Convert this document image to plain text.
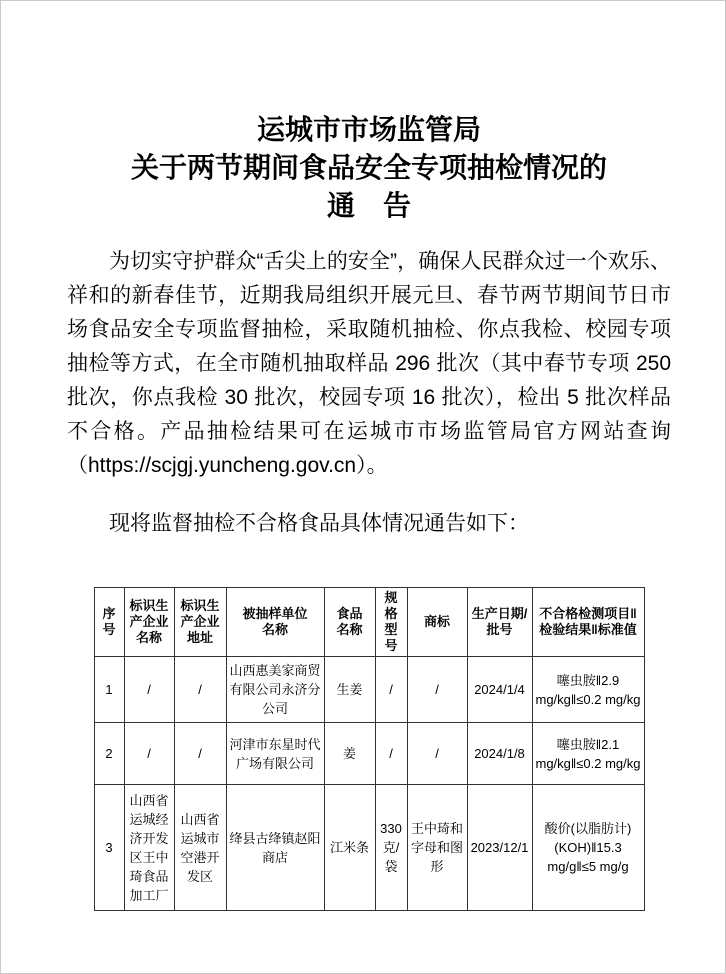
运城市市场监管局
关于两节期间食品安全专项抽检情况的
通　告

为切实守护群众“舌尖上的安全”，确保人民群众过一个欢乐、祥和的新春佳节，近期我局组织开展元旦、春节两节期间节日市场食品安全专项监督抽检，采取随机抽检、你点我检、校园专项抽检等方式，在全市随机抽取样品 296 批次（其中春节专项 250 批次，你点我检 30 批次，校园专项 16 批次），检出 5 批次样品不合格。产品抽检结果可在运城市市场监管局官方网站查询（https://scjgj.yuncheng.gov.cn）。

现将监督抽检不合格食品具体情况通告如下：

序号	标识生产企业名称	标识生产企业地址	被抽样单位名称	食品名称	规格型号	商标	生产日期/批号	不合格检测项目‖检验结果‖标准值
1	/	/	山西惠美家商贸有限公司永济分公司	生姜	/	/	2024/1/4	噻虫胺‖2.9 mg/kg‖≤0.2 mg/kg
2	/	/	河津市东星时代广场有限公司	姜	/	/	2024/1/8	噻虫胺‖2.1 mg/kg‖≤0.2 mg/kg
3	山西省运城经济开发区王中琦食品加工厂	山西省运城市空港开发区	绛县古绛镇赵阳商店	江米条	330克/袋	王中琦和字母和图形	2023/12/1	酸价(以脂肪计)(KOH)‖15.3 mg/g‖≤5 mg/g
